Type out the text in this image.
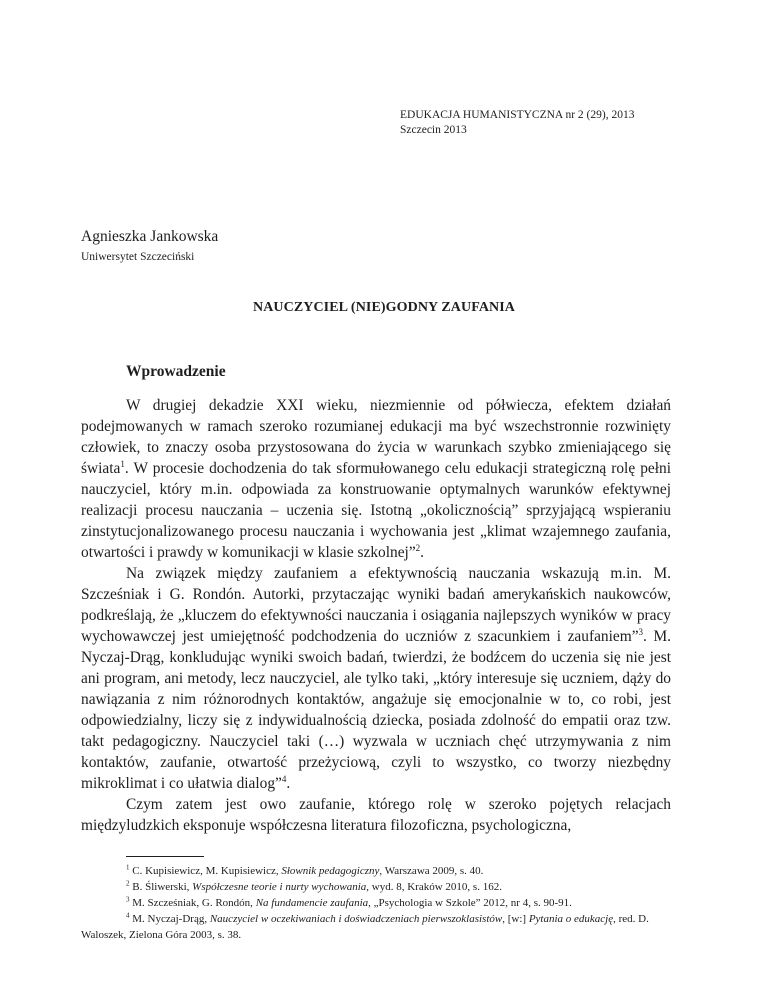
EDUKACJA HUMANISTYCZNA nr 2 (29), 2013
Szczecin 2013
Agnieszka Jankowska
Uniwersytet Szczeciński
NAUCZYCIEL (NIE)GODNY ZAUFANIA
Wprowadzenie

W drugiej dekadzie XXI wieku, niezmiennie od półwiecza, efektem działań podejmowanych w ramach szeroko rozumianej edukacji ma być wszechstronnie rozwinięty człowiek, to znaczy osoba przystosowana do życia w warunkach szybko zmieniającego się świata$^1$. W procesie dochodzenia do tak sformułowanego celu edukacji strategiczną rolę pełni nauczyciel, który m.in. odpowiada za konstruowanie optymalnych warunków efektywnej realizacji procesu nauczania – uczenia się. Istotną „okolicznością” sprzyjającą wspieraniu zinstytucjonalizowanego procesu nauczania i wychowania jest „klimat wzajemnego zaufania, otwartości i prawdy w komunikacji w klasie szkolnej”$^2$.

Na związek między zaufaniem a efektywnością nauczania wskazują m.in. M. Szcześniak i G. Rondón. Autorki, przytaczając wyniki badań amerykańskich naukowców, podkreślają, że „kluczem do efektywności nauczania i osiągania najlepszych wyników w pracy wychowawczej jest umiejętność podchodzenia do uczniów z szacunkiem i zaufaniem”$^3$. M. Nyczaj-Drąg, konkludując wyniki swoich badań, twierdzi, że bodźcem do uczenia się nie jest ani program, ani metody, lecz nauczyciel, ale tylko taki, „który interesuje się uczniem, dąży do nawiązania z nim różnorodnych kontaktów, angażuje się emocjonalnie w to, co robi, jest odpowiedzialny, liczy się z indywidualnością dziecka, posiada zdolność do empatii oraz tzw. takt pedagogiczny. Nauczyciel taki (…) wyzwala w uczniach chęć utrzymywania z nim kontaktów, zaufanie, otwartość przeżyciową, czyli to wszystko, co tworzy niezbędny mikroklimat i co ułatwia dialog”$^4$.

Czym zatem jest owo zaufanie, którego rolę w szeroko pojętych relacjach międzyludzkich eksponuje współczesna literatura filozoficzna, psychologiczna,

$^1$ C. Kupisiewicz, M. Kupisiewicz, Słownik pedagogiczny, Warszawa 2009, s. 40.

$^2$ B. Śliwerski, Współczesne teorie i nurty wychowania, wyd. 8, Kraków 2010, s. 162.

$^3$ M. Szcześniak, G. Rondón, Na fundamencie zaufania, „Psychologia w Szkole” 2012, nr 4, s. 90-91.

$^4$ M. Nyczaj-Drąg, Nauczyciel w oczekiwaniach i doświadczeniach pierwszoklasistów, [w:] Pytania o edukację, red. D. Waloszek, Zielona Góra 2003, s. 38.
